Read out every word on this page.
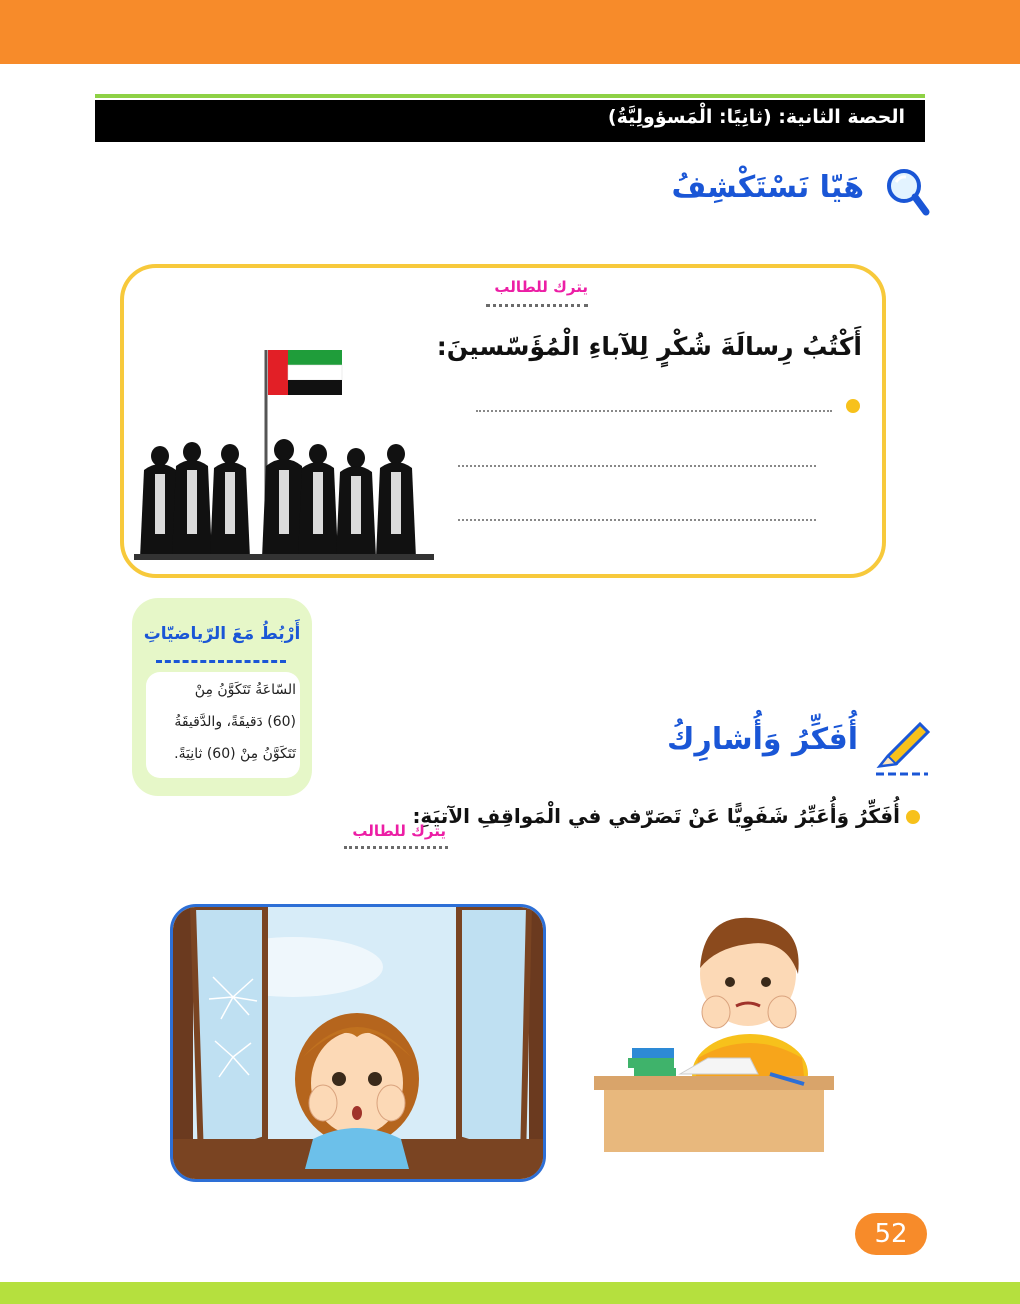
الحصة الثانية: (ثانِيًا: الْمَسؤولِيَّةُ)
هَيّا نَسْتَكْشِفُ
يترك للطالب
أَكْتُبُ رِسالَةَ شُكْرٍ لِلآباءِ الْمُؤَسّسينَ:
أَرْبُطُ مَعَ الرّياضيّاتِ
السّاعَةُ تَتَكَوَّنُ مِنْ
(60) دَقيقَةً، والدَّقيقَةُ
تَتَكَوَّنُ مِنْ (60) ثانِيَةً.	أُفَكِّرُ وَأُشارِكُ
أُفَكِّرُ وَأُعَبِّرُ شَفَوِيًّا عَنْ تَصَرّفي في الْمَواقِفِ الآتيَةِ:
يترك للطالب
52
